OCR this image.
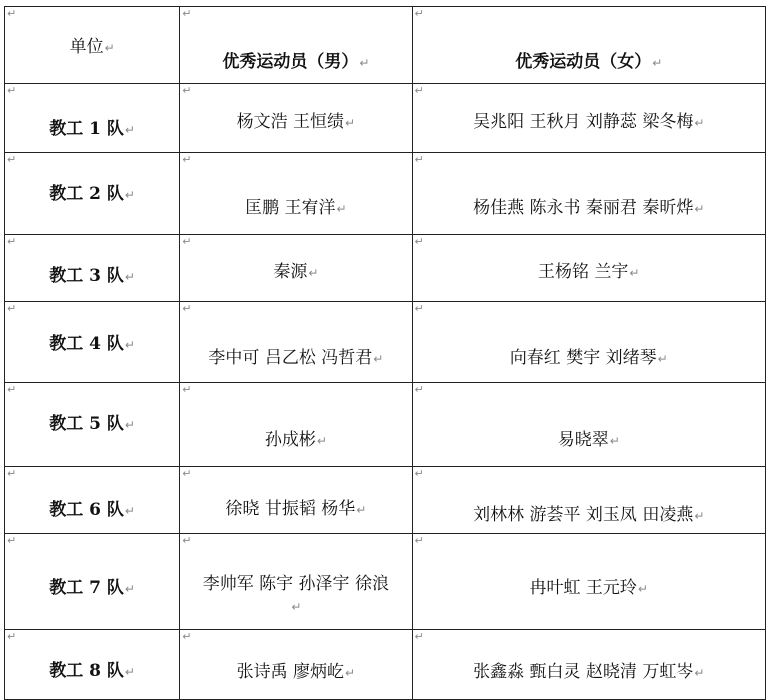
↵
单位↵	↵
优秀运动员（男）↵	↵
优秀运动员（女）↵

↵
教工 1 队↵	↵
杨文浩 王恒绩↵	↵
吴兆阳 王秋月 刘静蕊 梁冬梅↵

↵
教工 2 队↵	↵
匡鹏 王宥洋↵	↵
杨佳燕 陈永书 秦丽君 秦昕烨↵

↵
教工 3 队↵	↵
秦源↵	↵
王杨铭 兰宇↵

↵
教工 4 队↵	↵
李中可 吕乙松 冯哲君↵	↵
向春红 樊宇 刘绪琴↵

↵
教工 5 队↵	↵
孙成彬↵	↵
易晓翠↵

↵
教工 6 队↵	↵
徐晓 甘振韬 杨华↵	↵
刘林林 游荟平 刘玉凤 田凌燕↵

↵
教工 7 队↵	↵
李帅军 陈宇 孙泽宇 徐浪↵	↵
冉叶虹 王元玲↵

↵
教工 8 队↵	↵
张诗禹 廖炳屹↵	↵
张鑫淼 甄白灵 赵晓清 万虹岑↵
